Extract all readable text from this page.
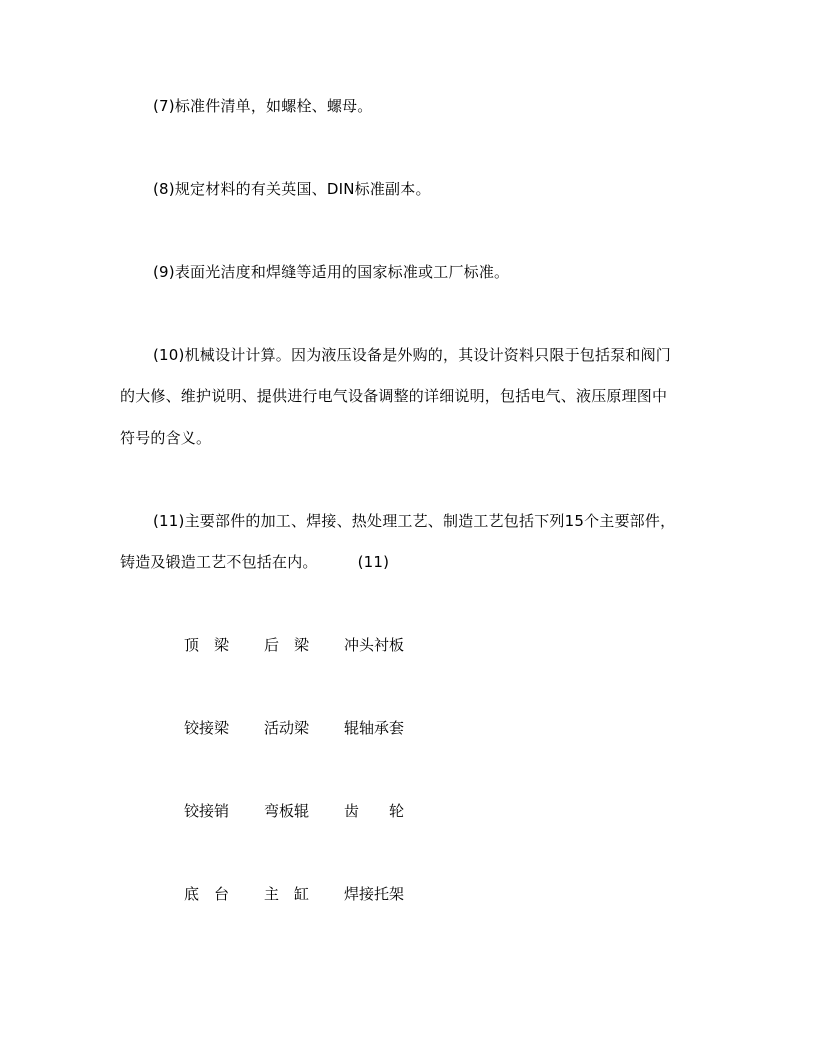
(7)标准件清单，如螺栓、螺母。
(8)规定材料的有关英国、DIN标准副本。
(9)表面光洁度和焊缝等适用的国家标准或工厂标准。
(10)机械设计计算。因为液压设备是外购的，其设计资料只限于包括泵和阀门
的大修、维护说明、提供进行电气设备调整的详细说明，包括电气、液压原理图中
符号的含义。
(11)主要部件的加工、焊接、热处理工艺、制造工艺包括下列15个主要部件，
铸造及锻造工艺不包括在内。	(11)
顶　梁 后　梁 冲头衬板
铰接梁 活动梁 辊轴承套
铰接销 弯板辊 齿　　轮
底　台 主　缸 焊接托架
